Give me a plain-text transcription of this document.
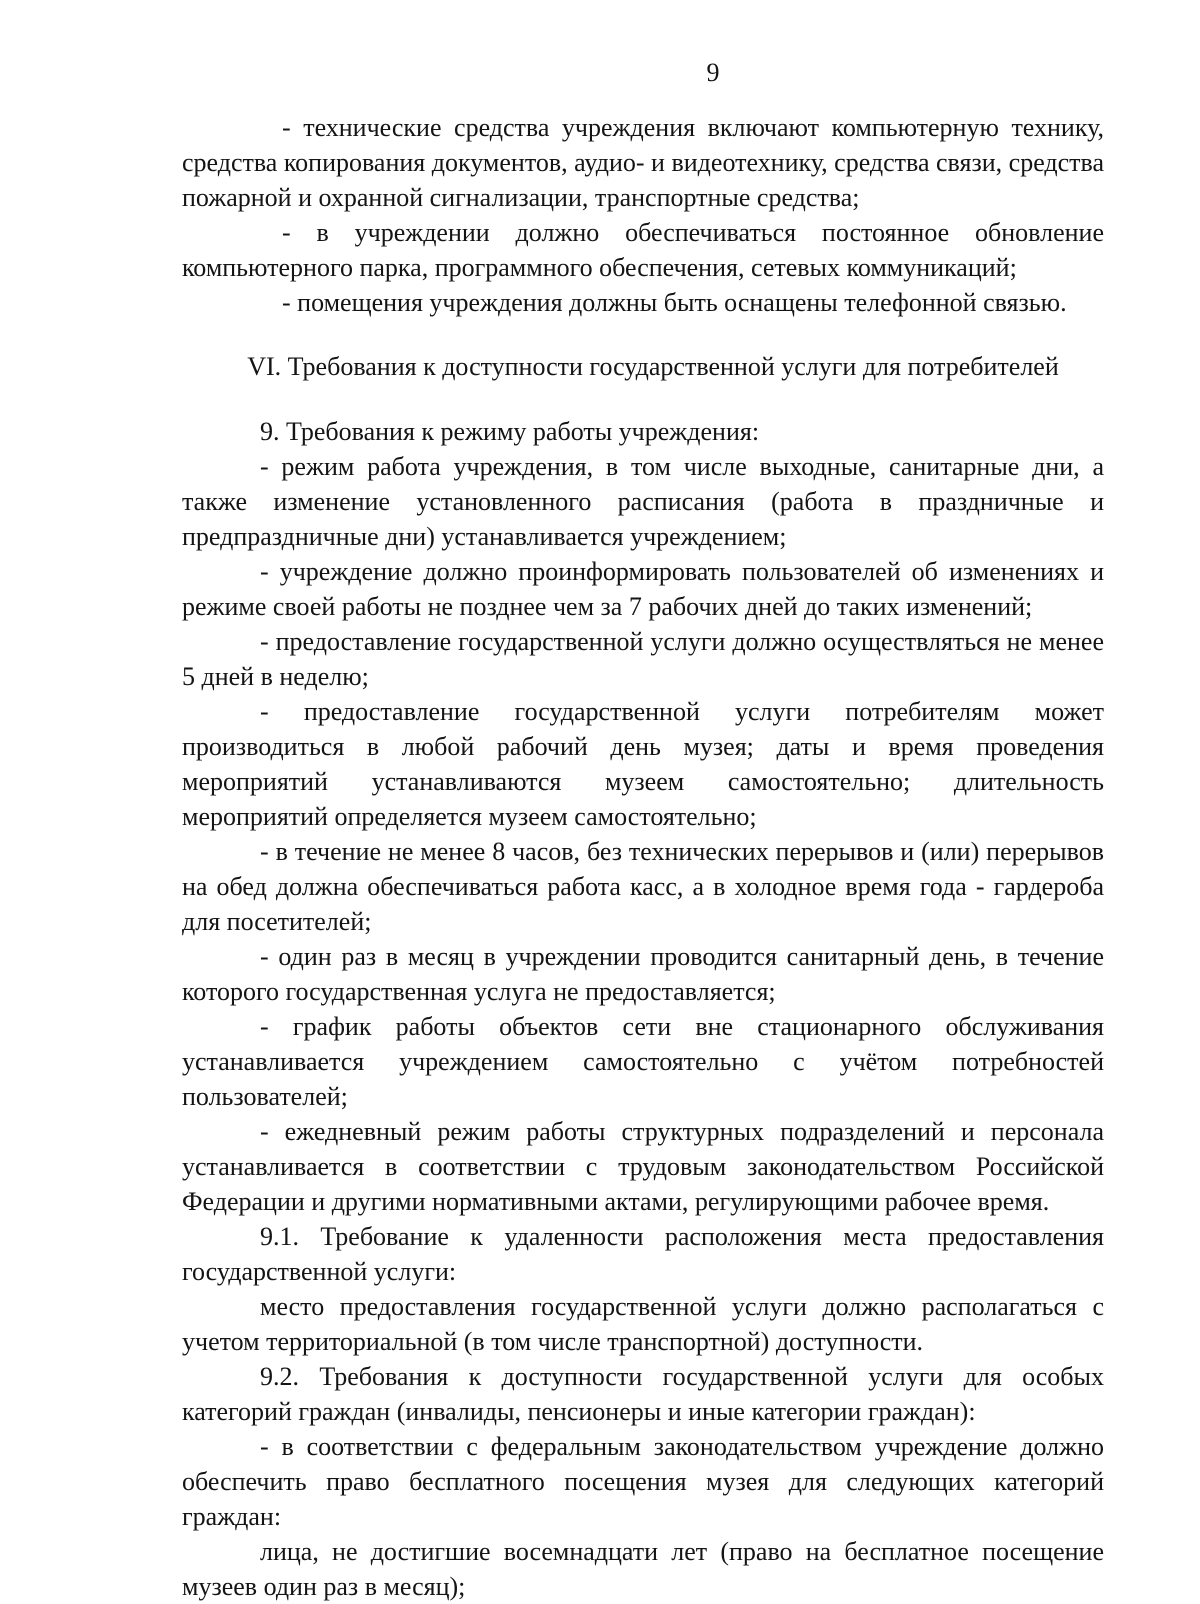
9

- технические средства учреждения включают компьютерную технику, средства копирования документов, аудио- и видеотехнику, средства связи, средства пожарной и охранной сигнализации, транспортные средства;

- в учреждении должно обеспечиваться постоянное обновление компьютерного парка, программного обеспечения, сетевых коммуникаций;

- помещения учреждения должны быть оснащены телефонной связью.

VI. Требования к доступности государственной услуги для потребителей

9. Требования к режиму работы учреждения:

- режим работа учреждения, в том числе выходные, санитарные дни, а также изменение установленного расписания (работа в праздничные и предпраздничные дни) устанавливается учреждением;

- учреждение должно проинформировать пользователей об изменениях и режиме своей работы не позднее чем за 7 рабочих дней до таких изменений;

- предоставление государственной услуги должно осуществляться не менее 5 дней в неделю;

- предоставление государственной услуги потребителям может производиться в любой рабочий день музея; даты и время проведения мероприятий устанавливаются музеем самостоятельно; длительность мероприятий определяется музеем самостоятельно;

- в течение не менее 8 часов, без технических перерывов и (или) перерывов на обед должна обеспечиваться работа касс, а в холодное время года - гардероба для посетителей;

- один раз в месяц в учреждении проводится санитарный день, в течение которого государственная услуга не предоставляется;

- график работы объектов сети вне стационарного обслуживания устанавливается учреждением самостоятельно с учётом потребностей пользователей;

- ежедневный режим работы структурных подразделений и персонала устанавливается в соответствии с трудовым законодательством Российской Федерации и другими нормативными актами, регулирующими рабочее время.

9.1. Требование к удаленности расположения места предоставления государственной услуги:

место предоставления государственной услуги должно располагаться с учетом территориальной (в том числе транспортной) доступности.

9.2. Требования к доступности государственной услуги для особых категорий граждан (инвалиды, пенсионеры и иные категории граждан):

- в соответствии с федеральным законодательством учреждение должно обеспечить право бесплатного посещения музея для следующих категорий граждан:

лица, не достигшие восемнадцати лет (право на бесплатное посещение музеев один раз в месяц);
